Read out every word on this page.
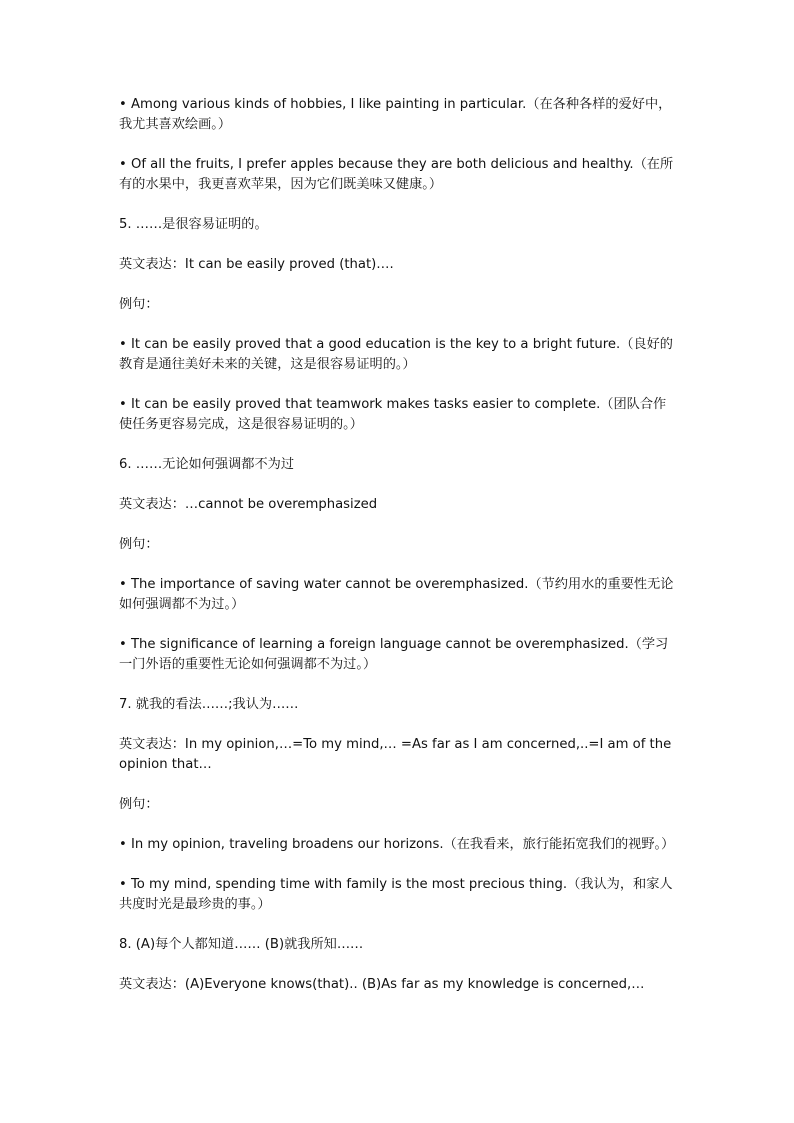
• Among various kinds of hobbies, I like painting in particular.（在各种各样的爱好中，我尤其喜欢绘画。）

• Of all the fruits, I prefer apples because they are both delicious and healthy.（在所有的水果中，我更喜欢苹果，因为它们既美味又健康。）

5. ……是很容易证明的。

英文表达：It can be easily proved (that)….

例句：

• It can be easily proved that a good education is the key to a bright future.（良好的教育是通往美好未来的关键，这是很容易证明的。）

• It can be easily proved that teamwork makes tasks easier to complete.（团队合作使任务更容易完成，这是很容易证明的。）

6. ……无论如何强调都不为过

英文表达：…cannot be overemphasized

例句：

• The importance of saving water cannot be overemphasized.（节约用水的重要性无论如何强调都不为过。）

• The significance of learning a foreign language cannot be overemphasized.（学习一门外语的重要性无论如何强调都不为过。）

7. 就我的看法……;我认为……

英文表达：In my opinion,…=To my mind,… =As far as I am concerned,..=I am of the opinion that…

例句：

• In my opinion, traveling broadens our horizons.（在我看来，旅行能拓宽我们的视野。）

• To my mind, spending time with family is the most precious thing.（我认为，和家人共度时光是最珍贵的事。）

8. (A)每个人都知道…… (B)就我所知……

英文表达：(A)Everyone knows(that).. (B)As far as my knowledge is concerned,…
